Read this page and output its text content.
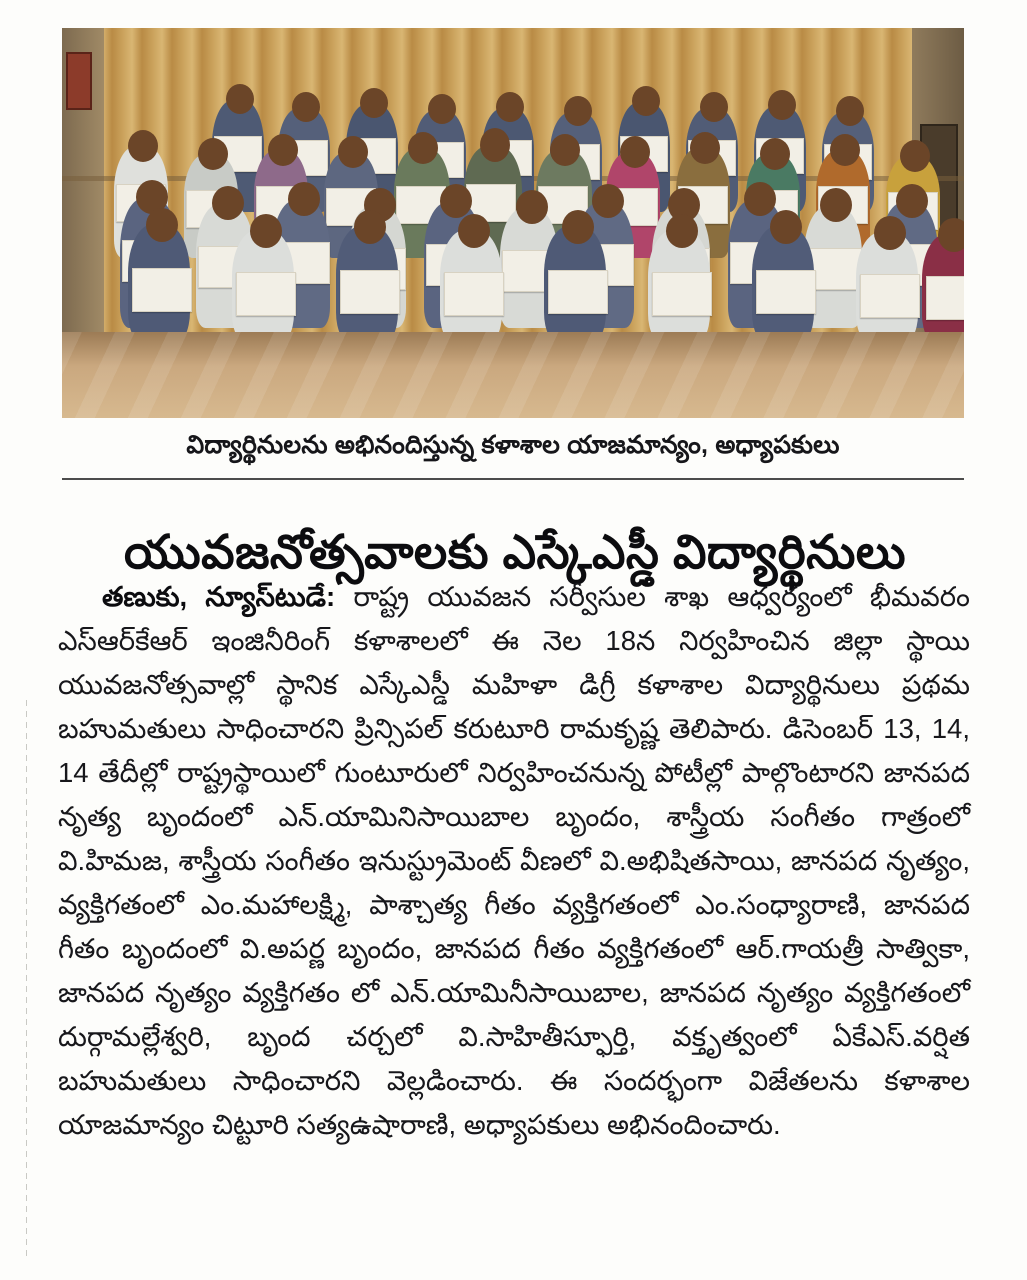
విద్యార్థినులను అభినందిస్తున్న కళాశాల యాజమాన్యం, అధ్యాపకులు
యువజనోత్సవాలకు ఎస్కేఎస్డీ విద్యార్థినులు

తణుకు, న్యూస్‌టుడే: రాష్ట్ర యువజన సర్వీసుల శాఖ ఆధ్వర్యంలో భీమవరం ఎస్‌ఆర్‌కేఆర్ ఇంజినీరింగ్ కళాశాలలో ఈ నెల 18న నిర్వహించిన జిల్లా స్థాయి యువజనోత్సవాల్లో స్థానిక ఎస్కేఎస్డీ మహిళా డిగ్రీ కళాశాల విద్యార్థినులు ప్రథమ బహుమతులు సాధించారని ప్రిన్సిపల్ కరుటూరి రామకృష్ణ తెలిపారు. డిసెంబర్ 13, 14, 14 తేదీల్లో రాష్ట్రస్థాయిలో గుంటూరులో నిర్వహించనున్న పోటీల్లో పాల్గొంటారని జానపద నృత్య బృందంలో ఎన్.యామినిసాయిబాల బృందం, శాస్త్రీయ సంగీతం గాత్రంలో వి.హిమజ, శాస్త్రీయ సంగీతం ఇనుస్ట్రుమెంట్ వీణలో వి.అభిషితసాయి, జానపద నృత్యం, వ్యక్తిగతంలో ఎం.మహాలక్ష్మి, పాశ్చాత్య గీతం వ్యక్తిగతంలో ఎం.సంధ్యారాణి, జానపద గీతం బృందంలో వి.అపర్ణ బృందం, జానపద గీతం వ్యక్తిగతంలో ఆర్.గాయత్రీ సాత్వికా, జానపద నృత్యం వ్యక్తిగతం లో ఎన్.యామినీసాయిబాల, జానపద నృత్యం వ్యక్తిగతంలో దుర్గామల్లేశ్వరి, బృంద చర్చలో వి.సాహితీస్ఫూర్తి, వక్తృత్వంలో ఏకేఎస్.వర్షిత బహుమతులు సాధించారని వెల్లడించారు. ఈ సందర్భంగా విజేతలను కళాశాల యాజమాన్యం చిట్టూరి సత్యఉషారాణి, అధ్యాపకులు అభినందించారు.
